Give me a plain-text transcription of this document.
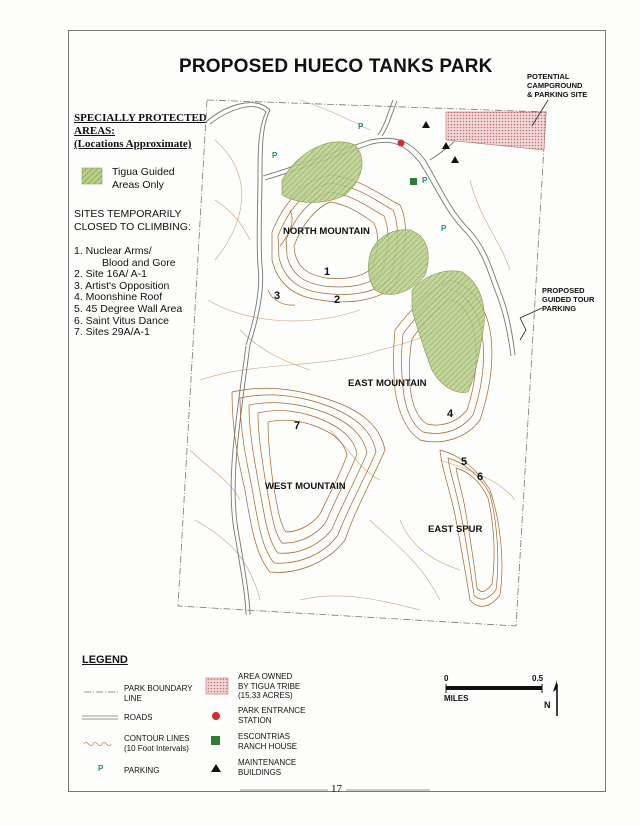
PROPOSED HUECO TANKS PARK
SPECIALLY PROTECTED
AREAS:
(Locations Approximate)
Tigua Guided
Areas Only
SITES TEMPORARILY
CLOSED TO CLIMBING:
1. Nuclear Arms/
Blood and Gore
2. Site 16A/ A-1
3. Artist's Opposition
4. Moonshine Roof
5. 45 Degree Wall Area
6. Saint Vitus Dance
7. Sites 29A/A-1
NORTH MOUNTAIN
EAST MOUNTAIN
WEST MOUNTAIN
EAST SPUR
POTENTIAL
CAMPGROUND
& PARKING SITE
PROPOSED
GUIDED TOUR
PARKING
1
2
3
4
5
6
7
P
P
P
P
LEGEND
PARK BOUNDARY
LINE
ROADS
CONTOUR LINES
(10 Foot Intervals)
P	PARKING
AREA OWNED
BY TIGUA TRIBE
(15.33 ACRES)
PARK ENTRANCE
STATION
ESCONTRIAS
RANCH HOUSE
MAINTENANCE
BUILDINGS
0	0.5
MILES
N
17
